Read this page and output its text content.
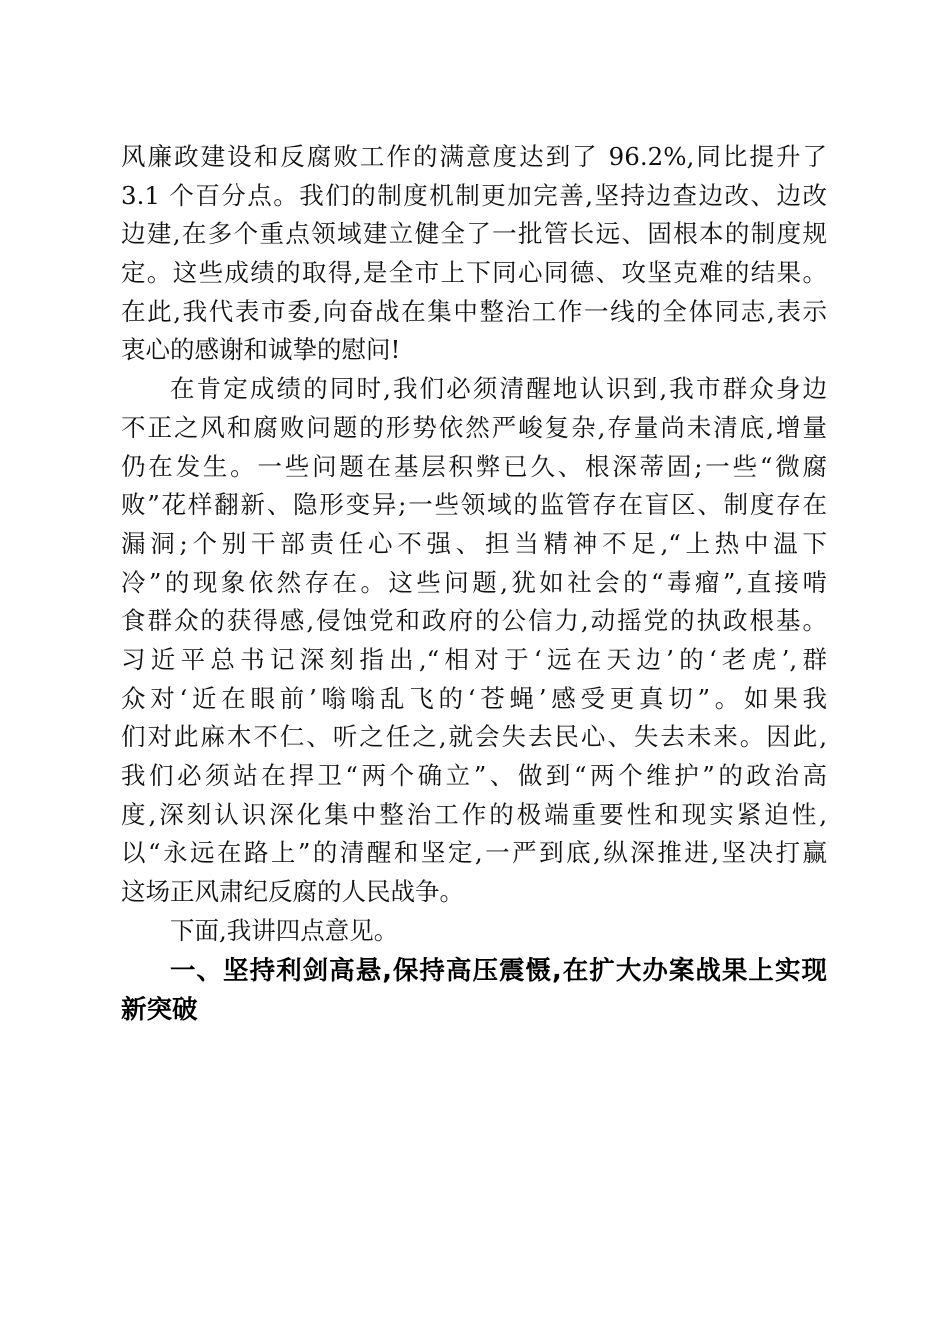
风廉政建设和反腐败工作的满意度达到了 96.2%,同比提升了
3.1 个百分点。我们的制度机制更加完善,坚持边查边改、边改
边建,在多个重点领域建立健全了一批管长远、固根本的制度规
定。这些成绩的取得,是全市上下同心同德、攻坚克难的结果。
在此,我代表市委,向奋战在集中整治工作一线的全体同志,表示
衷心的感谢和诚挚的慰问!
在肯定成绩的同时,我们必须清醒地认识到,我市群众身边
不正之风和腐败问题的形势依然严峻复杂,存量尚未清底,增量
仍在发生。一些问题在基层积弊已久、根深蒂固;一些“微腐
败”花样翻新、隐形变异;一些领域的监管存在盲区、制度存在
漏洞;个别干部责任心不强、担当精神不足,“上热中温下
冷”的现象依然存在。这些问题,犹如社会的“毒瘤”,直接啃
食群众的获得感,侵蚀党和政府的公信力,动摇党的执政根基。
习近平总书记深刻指出,“相对于‘远在天边’的‘老虎’,群
众对‘近在眼前’嗡嗡乱飞的‘苍蝇’感受更真切”。如果我
们对此麻木不仁、听之任之,就会失去民心、失去未来。因此,
我们必须站在捍卫“两个确立”、做到“两个维护”的政治高
度,深刻认识深化集中整治工作的极端重要性和现实紧迫性,
以“永远在路上”的清醒和坚定,一严到底,纵深推进,坚决打赢
这场正风肃纪反腐的人民战争。
下面,我讲四点意见。
一、坚持利剑高悬,保持高压震慑,在扩大办案战果上实现
新突破
